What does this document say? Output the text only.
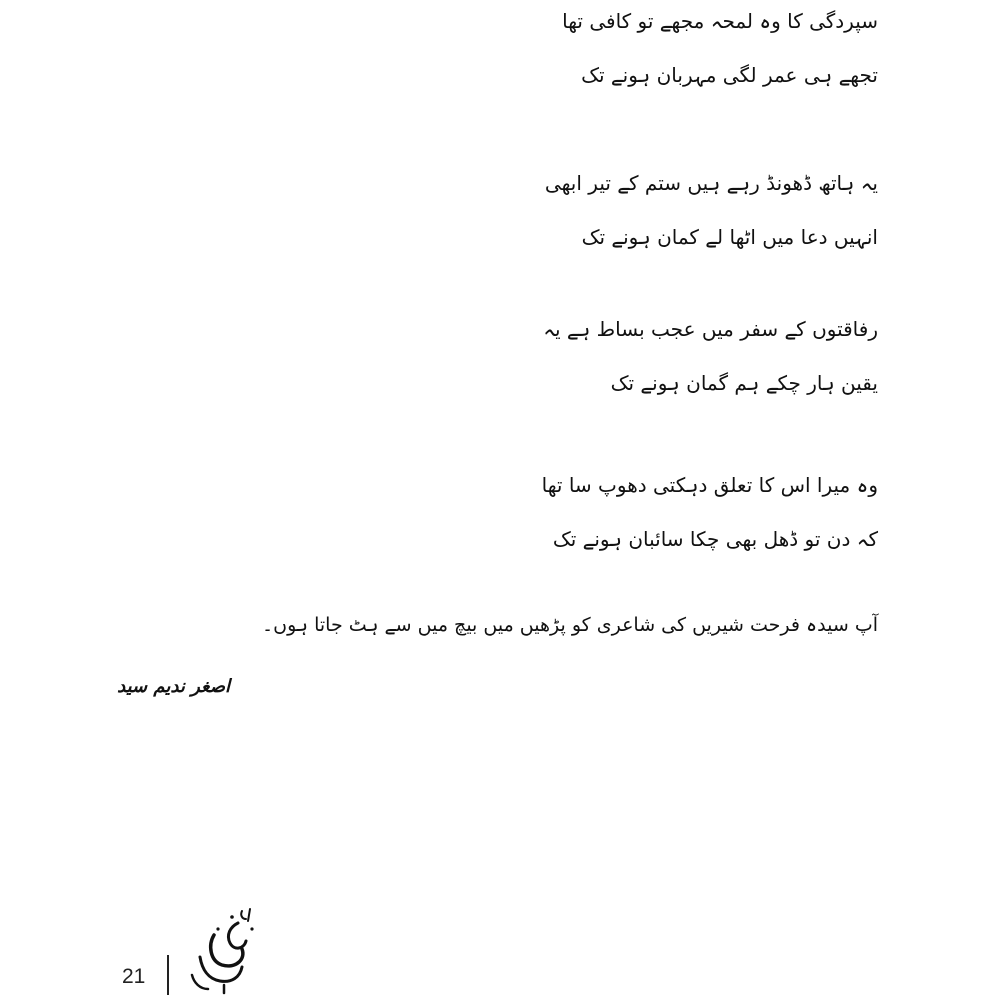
سپردگی کا وہ لمحہ مجھے تو کافی تھا
تجھے ہی عمر لگی مہربان ہونے تک
یہ ہاتھ ڈھونڈ رہے ہیں ستم کے تیر ابھی
انہیں دعا میں اٹھا لے کمان ہونے تک
رفاقتوں کے سفر میں عجب بساط ہے یہ
یقین ہار چکے ہم گمان ہونے تک
وہ میرا اس کا تعلق دہکتی دھوپ سا تھا
کہ دن تو ڈھل بھی چکا سائبان ہونے تک
آپ سیدہ فرحت شیریں کی شاعری کو پڑھیں میں بیچ میں سے ہٹ جاتا ہوں۔
اصغر ندیم سید
21
